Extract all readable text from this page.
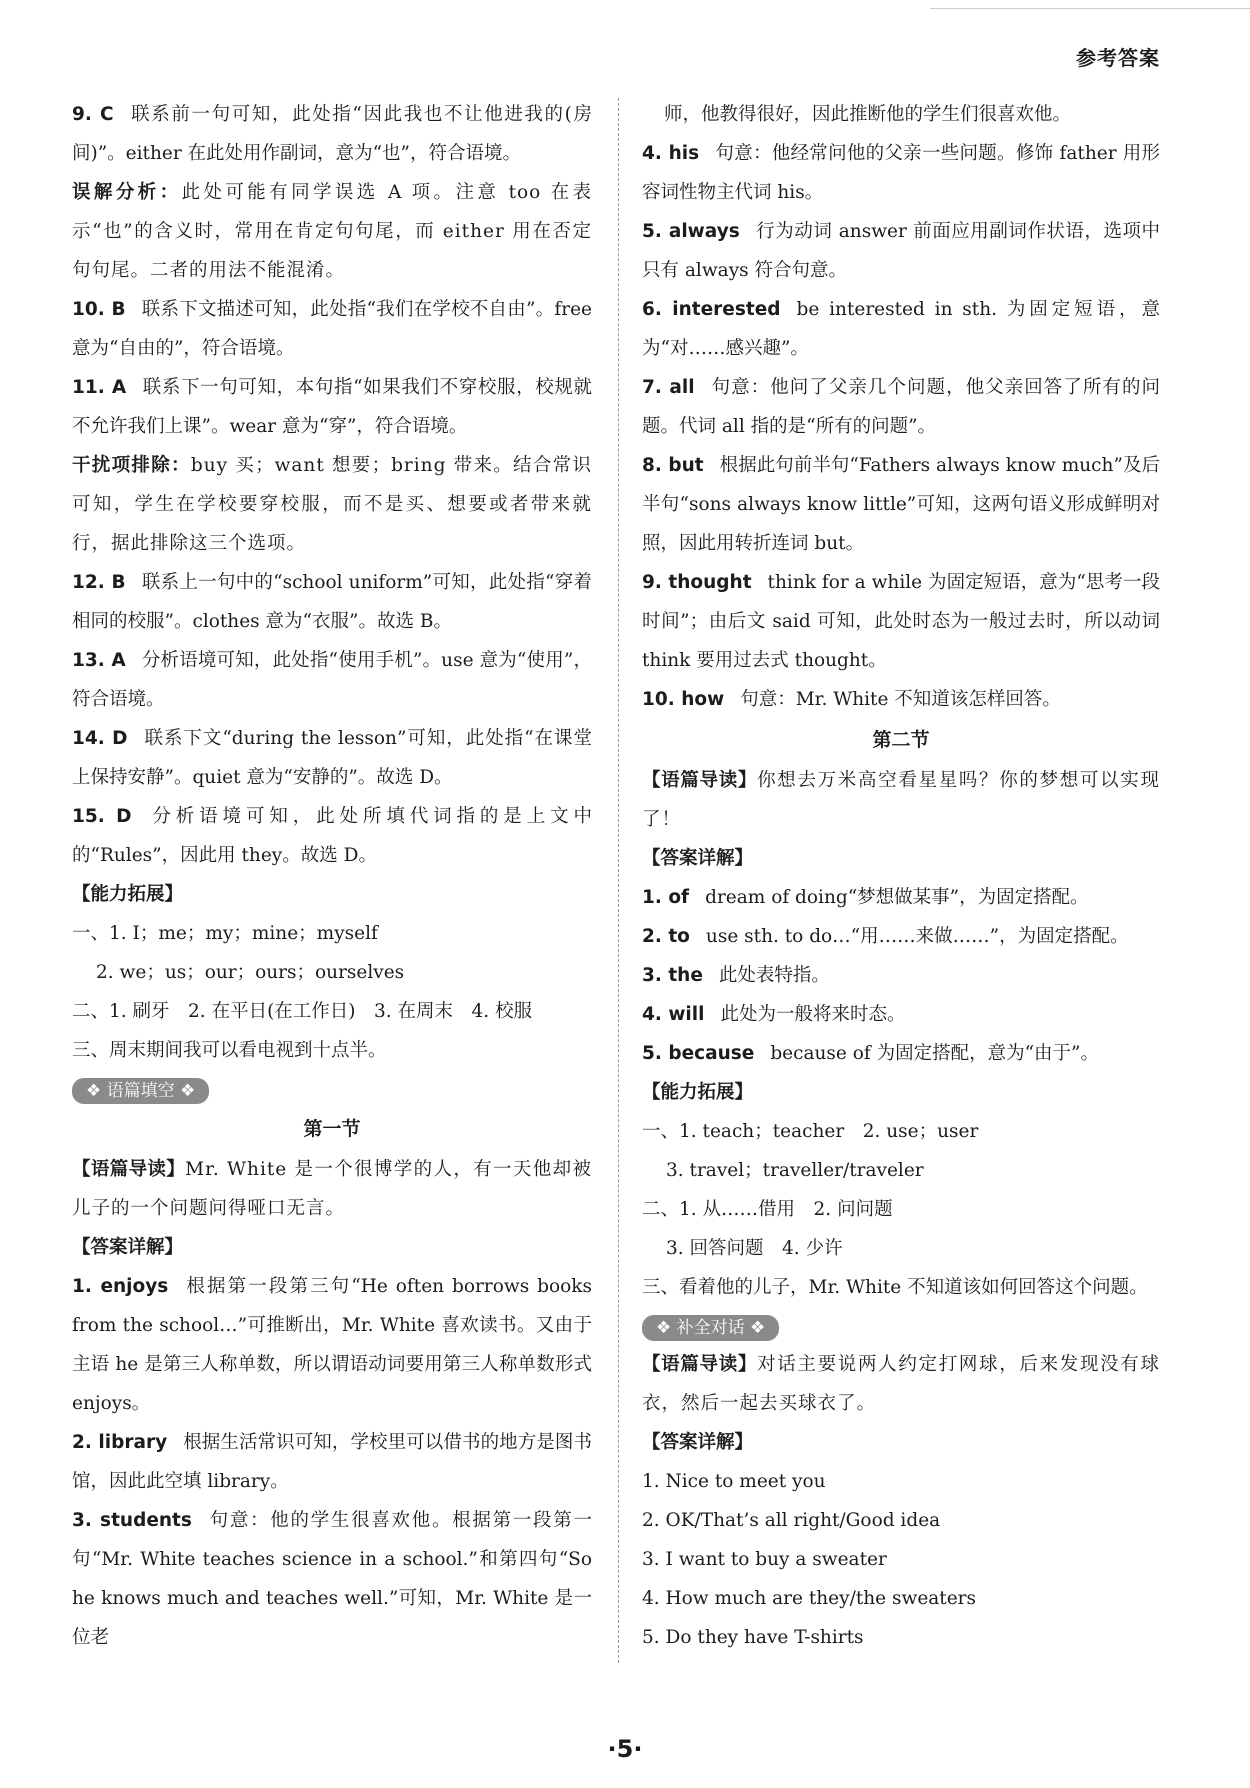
参考答案
9. C 联系前一句可知，此处指“因此我也不让他进我的(房间)”。either 在此处用作副词，意为“也”，符合语境。
误解分析：此处可能有同学误选 A 项。注意 too 在表示“也”的含义时，常用在肯定句句尾，而 either 用在否定句句尾。二者的用法不能混淆。
10. B 联系下文描述可知，此处指“我们在学校不自由”。free 意为“自由的”，符合语境。
11. A 联系下一句可知，本句指“如果我们不穿校服，校规就不允许我们上课”。wear 意为“穿”，符合语境。
干扰项排除：buy 买；want 想要；bring 带来。结合常识可知，学生在学校要穿校服，而不是买、想要或者带来就行，据此排除这三个选项。
12. B 联系上一句中的“school uniform”可知，此处指“穿着相同的校服”。clothes 意为“衣服”。故选 B。
13. A 分析语境可知，此处指“使用手机”。use 意为“使用”，符合语境。
14. D 联系下文“during the lesson”可知，此处指“在课堂上保持安静”。quiet 意为“安静的”。故选 D。
15. D 分析语境可知，此处所填代词指的是上文中的“Rules”，因此用 they。故选 D。
【能力拓展】
一、1. I；me；my；mine；myself
2. we；us；our；ours；ourselves
二、1. 刷牙　2. 在平日(在工作日)　3. 在周末　4. 校服
三、周末期间我可以看电视到十点半。
❖ 语篇填空 ❖
第一节
【语篇导读】Mr. White 是一个很博学的人，有一天他却被儿子的一个问题问得哑口无言。
【答案详解】
1. enjoys 根据第一段第三句“He often borrows books from the school…”可推断出，Mr. White 喜欢读书。又由于主语 he 是第三人称单数，所以谓语动词要用第三人称单数形式 enjoys。
2. library 根据生活常识可知，学校里可以借书的地方是图书馆，因此此空填 library。
3. students 句意：他的学生很喜欢他。根据第一段第一句“Mr. White teaches science in a school.”和第四句“So he knows much and teaches well.”可知，Mr. White 是一位老
师，他教得很好，因此推断他的学生们很喜欢他。
4. his 句意：他经常问他的父亲一些问题。修饰 father 用形容词性物主代词 his。
5. always 行为动词 answer 前面应用副词作状语，选项中只有 always 符合句意。
6. interested be interested in sth. 为固定短语，意为“对……感兴趣”。
7. all 句意：他问了父亲几个问题，他父亲回答了所有的问题。代词 all 指的是“所有的问题”。
8. but 根据此句前半句“Fathers always know much”及后半句“sons always know little”可知，这两句语义形成鲜明对照，因此用转折连词 but。
9. thought think for a while 为固定短语，意为“思考一段时间”；由后文 said 可知，此处时态为一般过去时，所以动词 think 要用过去式 thought。
10. how 句意：Mr. White 不知道该怎样回答。
第二节
【语篇导读】你想去万米高空看星星吗？你的梦想可以实现了！
【答案详解】
1. of dream of doing“梦想做某事”，为固定搭配。
2. to use sth. to do…“用……来做……”，为固定搭配。
3. the 此处表特指。
4. will 此处为一般将来时态。
5. because because of 为固定搭配，意为“由于”。
【能力拓展】
一、1. teach；teacher　2. use；user
3. travel；traveller/traveler
二、1. 从……借用　2. 问问题
3. 回答问题　4. 少许
三、看着他的儿子，Mr. White 不知道该如何回答这个问题。
❖ 补全对话 ❖
【语篇导读】对话主要说两人约定打网球，后来发现没有球衣，然后一起去买球衣了。
【答案详解】
1. Nice to meet you
2. OK/That’s all right/Good idea
3. I want to buy a sweater
4. How much are they/the sweaters
5. Do they have T-shirts
·5·
